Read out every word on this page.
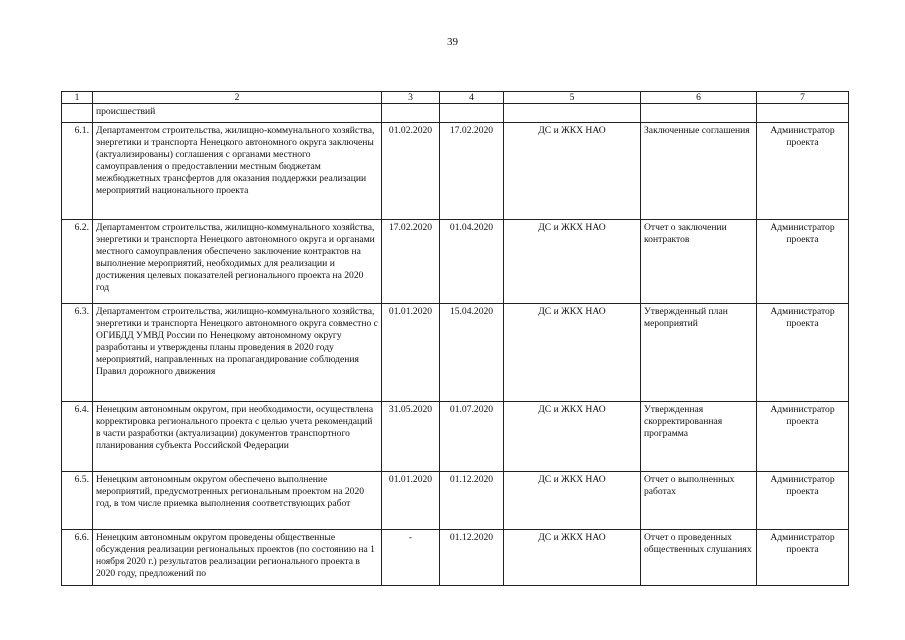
39
1	2	3	4	5	6	7
	происшествий					
6.1.	Департаментом строительства, жилищно-коммунального хозяйства, энергетики и транспорта Ненецкого автономного округа заключены (актуализированы) соглашения с органами местного самоуправления о предоставлении местным бюджетам межбюджетных трансфертов для оказания поддержки реализации мероприятий национального проекта	01.02.2020	17.02.2020	ДС и ЖКХ НАО	Заключенные соглашения	Администратор проекта
6.2.	Департаментом строительства, жилищно-коммунального хозяйства, энергетики и транспорта Ненецкого автономного округа и органами местного самоуправления обеспечено заключение контрактов на выполнение мероприятий, необходимых для реализации и достижения целевых показателей регионального проекта на 2020 год	17.02.2020	01.04.2020	ДС и ЖКХ НАО	Отчет о заключении контрактов	Администратор проекта
6.3.	Департаментом строительства, жилищно-коммунального хозяйства, энергетики и транспорта Ненецкого автономного округа совместно с ОГИБДД УМВД России по Ненецкому автономному округу разработаны и утверждены планы проведения в 2020 году мероприятий, направленных на пропагандирование соблюдения Правил дорожного движения	01.01.2020	15.04.2020	ДС и ЖКХ НАО	Утвержденный план мероприятий	Администратор проекта
6.4.	Ненецким автономным округом, при необходимости, осуществлена корректировка регионального проекта с целью учета рекомендаций в части разработки (актуализации) документов транспортного планирования субъекта Российской Федерации	31.05.2020	01.07.2020	ДС и ЖКХ НАО	Утвержденная скорректированная программа	Администратор проекта
6.5.	Ненецким автономным округом обеспечено выполнение мероприятий, предусмотренных региональным проектом на 2020 год, в том числе приемка выполнения соответствующих работ	01.01.2020	01.12.2020	ДС и ЖКХ НАО	Отчет о выполненных работах	Администратор проекта
6.6.	Ненецким автономным округом проведены общественные обсуждения реализации региональных проектов (по состоянию на 1 ноября 2020 г.) результатов реализации регионального проекта в 2020 году, предложений по	-	01.12.2020	ДС и ЖКХ НАО	Отчет о проведенных общественных слушаниях	Администратор проекта
